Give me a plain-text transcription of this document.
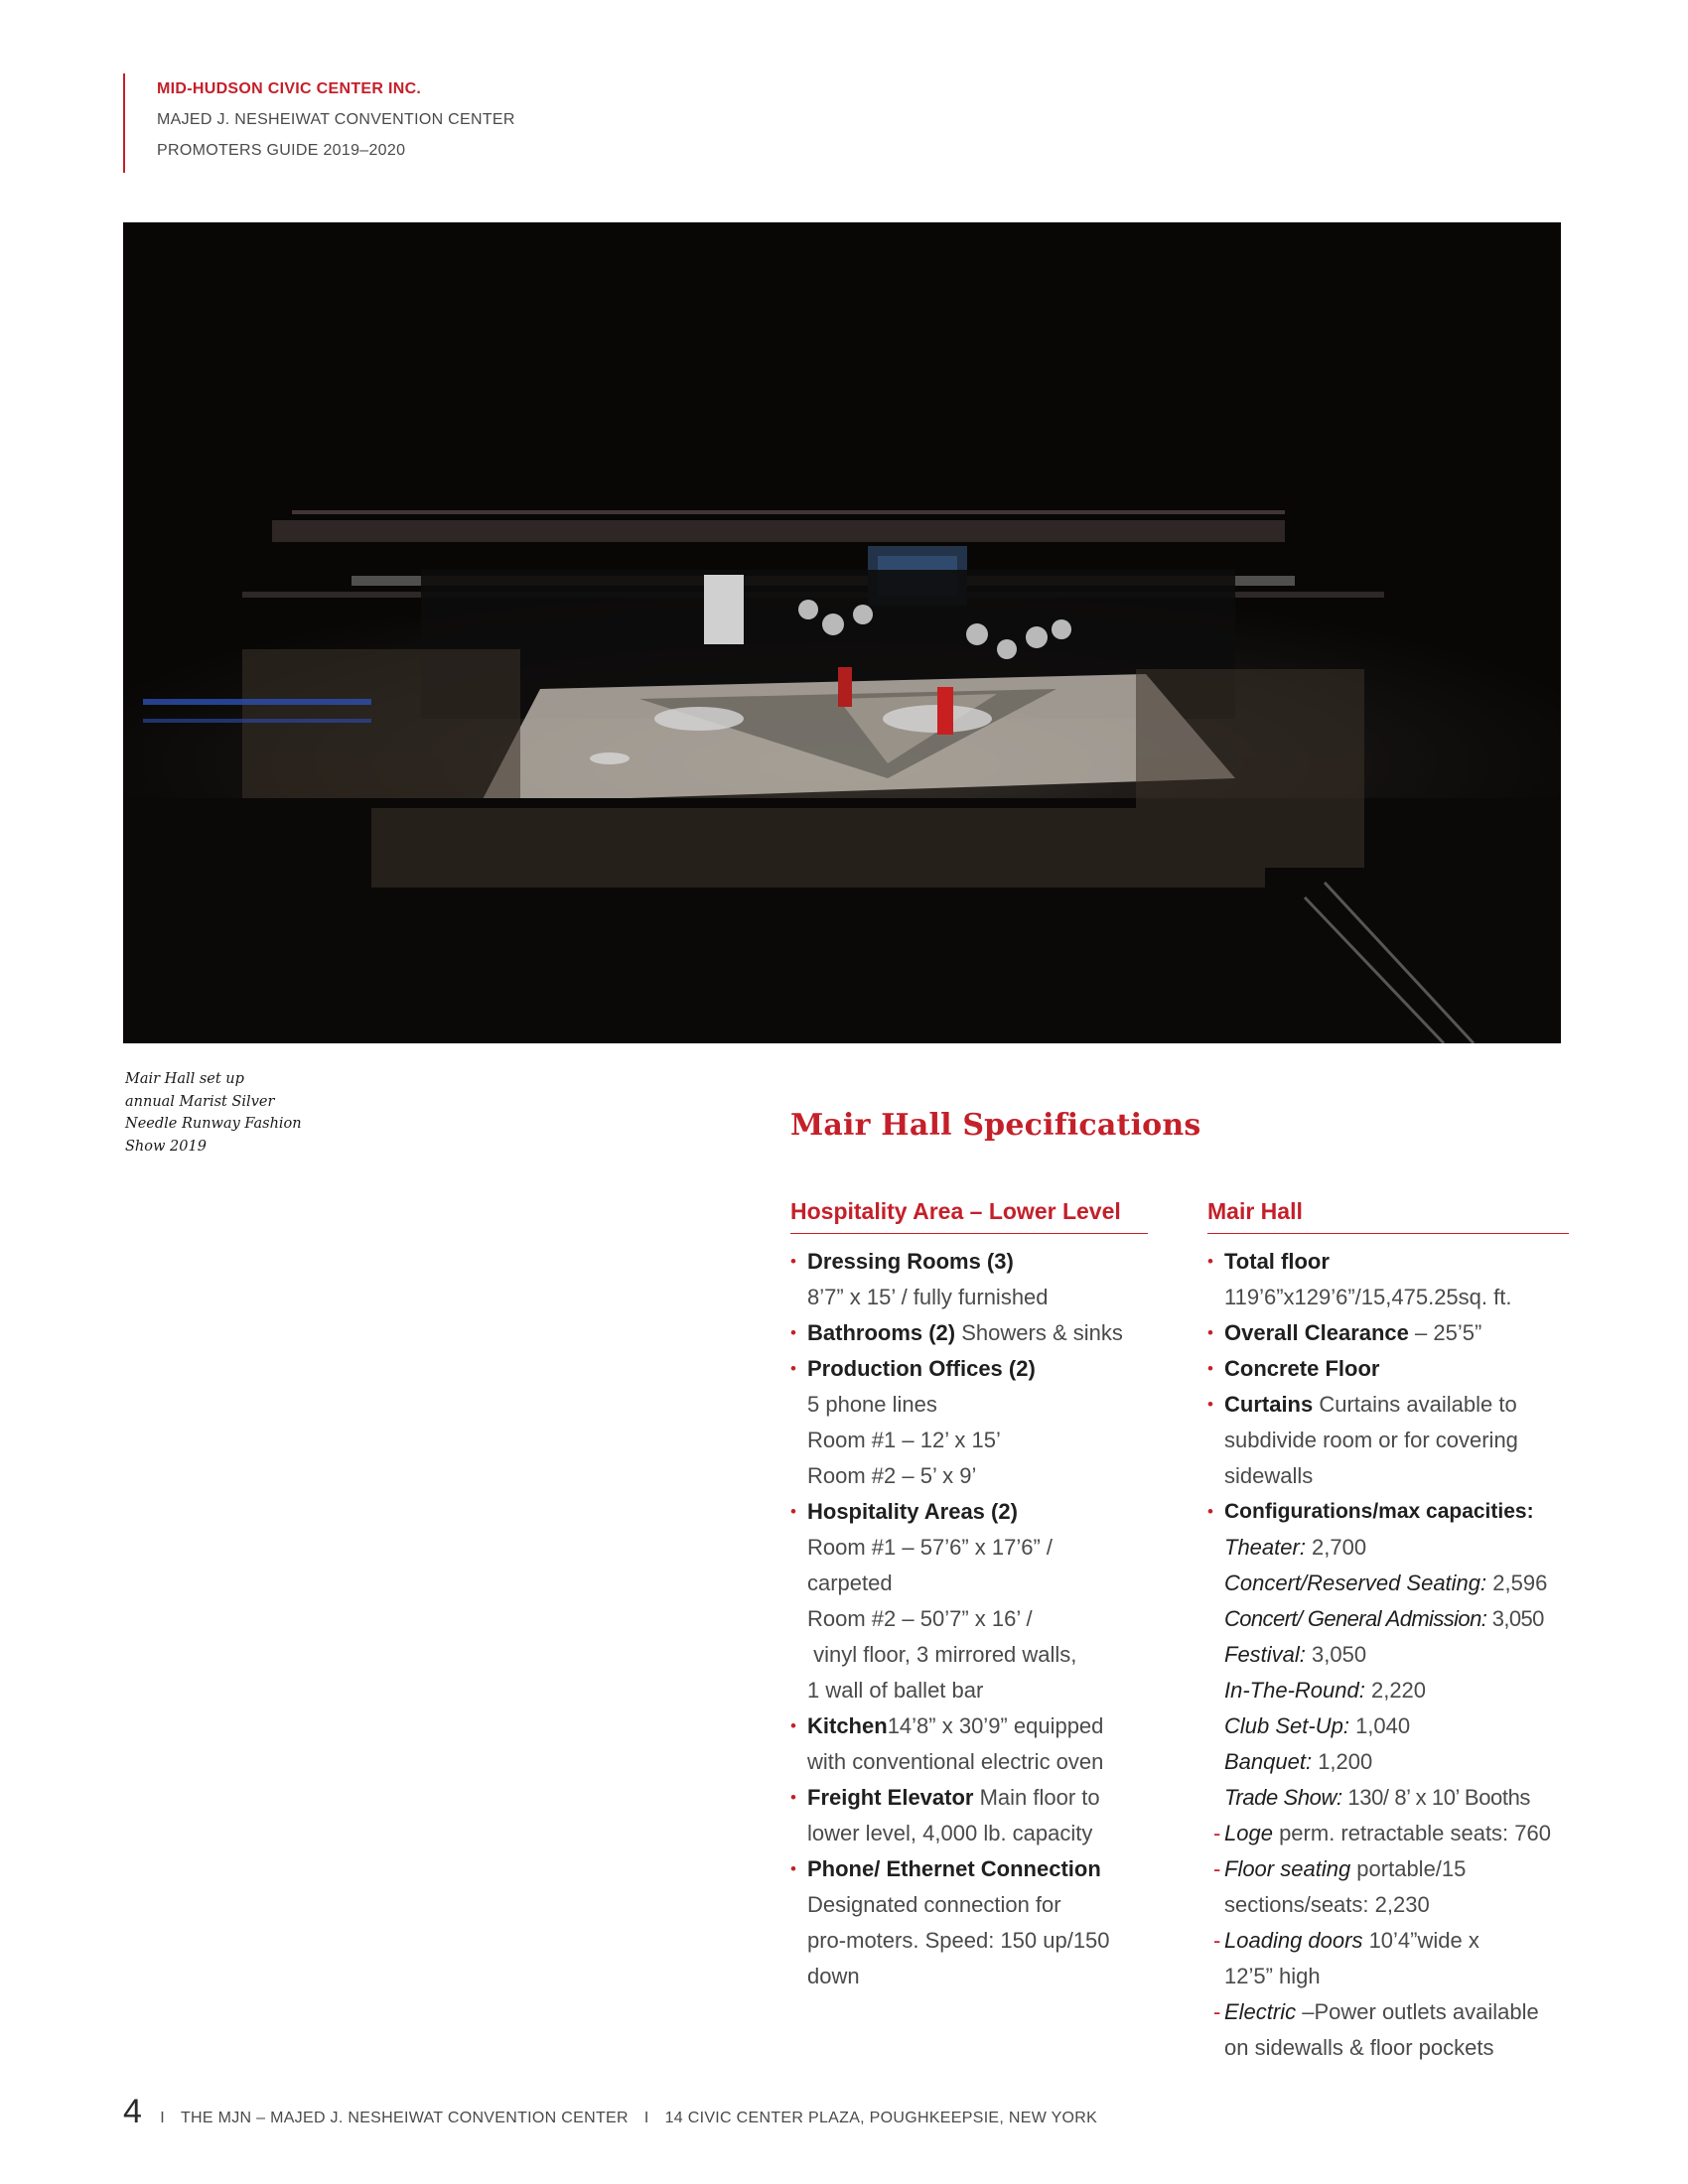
MID-HUDSON CIVIC CENTER INC.
MAJED J. NESHEIWAT CONVENTION CENTER
PROMOTERS GUIDE 2019–2020
Mair Hall set up
annual Marist Silver
Needle Runway Fashion
Show 2019
Mair Hall Specifications
Hospitality Area – Lower Level
• Dressing Rooms (3)
8’7” x 15’ / fully furnished
• Bathrooms (2) Showers & sinks
• Production Offices (2)
5 phone lines
Room #1 – 12’ x 15’
Room #2 – 5’ x 9’
• Hospitality Areas (2)
Room #1 – 57’6” x 17’6” /
carpeted
Room #2 – 50’7” x 16’ /
vinyl floor, 3 mirrored walls,
1 wall of ballet bar
• Kitchen14’8” x 30’9” equipped
with conventional electric oven
• Freight Elevator Main floor to
lower level, 4,000 lb. capacity
• Phone/ Ethernet Connection
Designated connection for
pro-moters. Speed: 150 up/150
down
Mair Hall
• Total floor
119’6”x129’6”/15,475.25sq. ft.
• Overall Clearance – 25’5”
• Concrete Floor
• Curtains Curtains available to
subdivide room or for covering
sidewalls
• Configurations/max capacities:
Theater: 2,700
Concert/Reserved Seating: 2,596
Concert/ General Admission: 3,050
Festival: 3,050
In-The-Round: 2,220
Club Set-Up: 1,040
Banquet: 1,200
Trade Show: 130/ 8’ x 10’ Booths
- Loge perm. retractable seats: 760
- Floor seating portable/15
sections/seats: 2,230
- Loading doors 10’4”wide x
12’5” high
- Electric –Power outlets available
on sidewalls & floor pockets
4 I THE MJN – MAJED J. NESHEIWAT CONVENTION CENTER I 14 CIVIC CENTER PLAZA, POUGHKEEPSIE, NEW YORK
